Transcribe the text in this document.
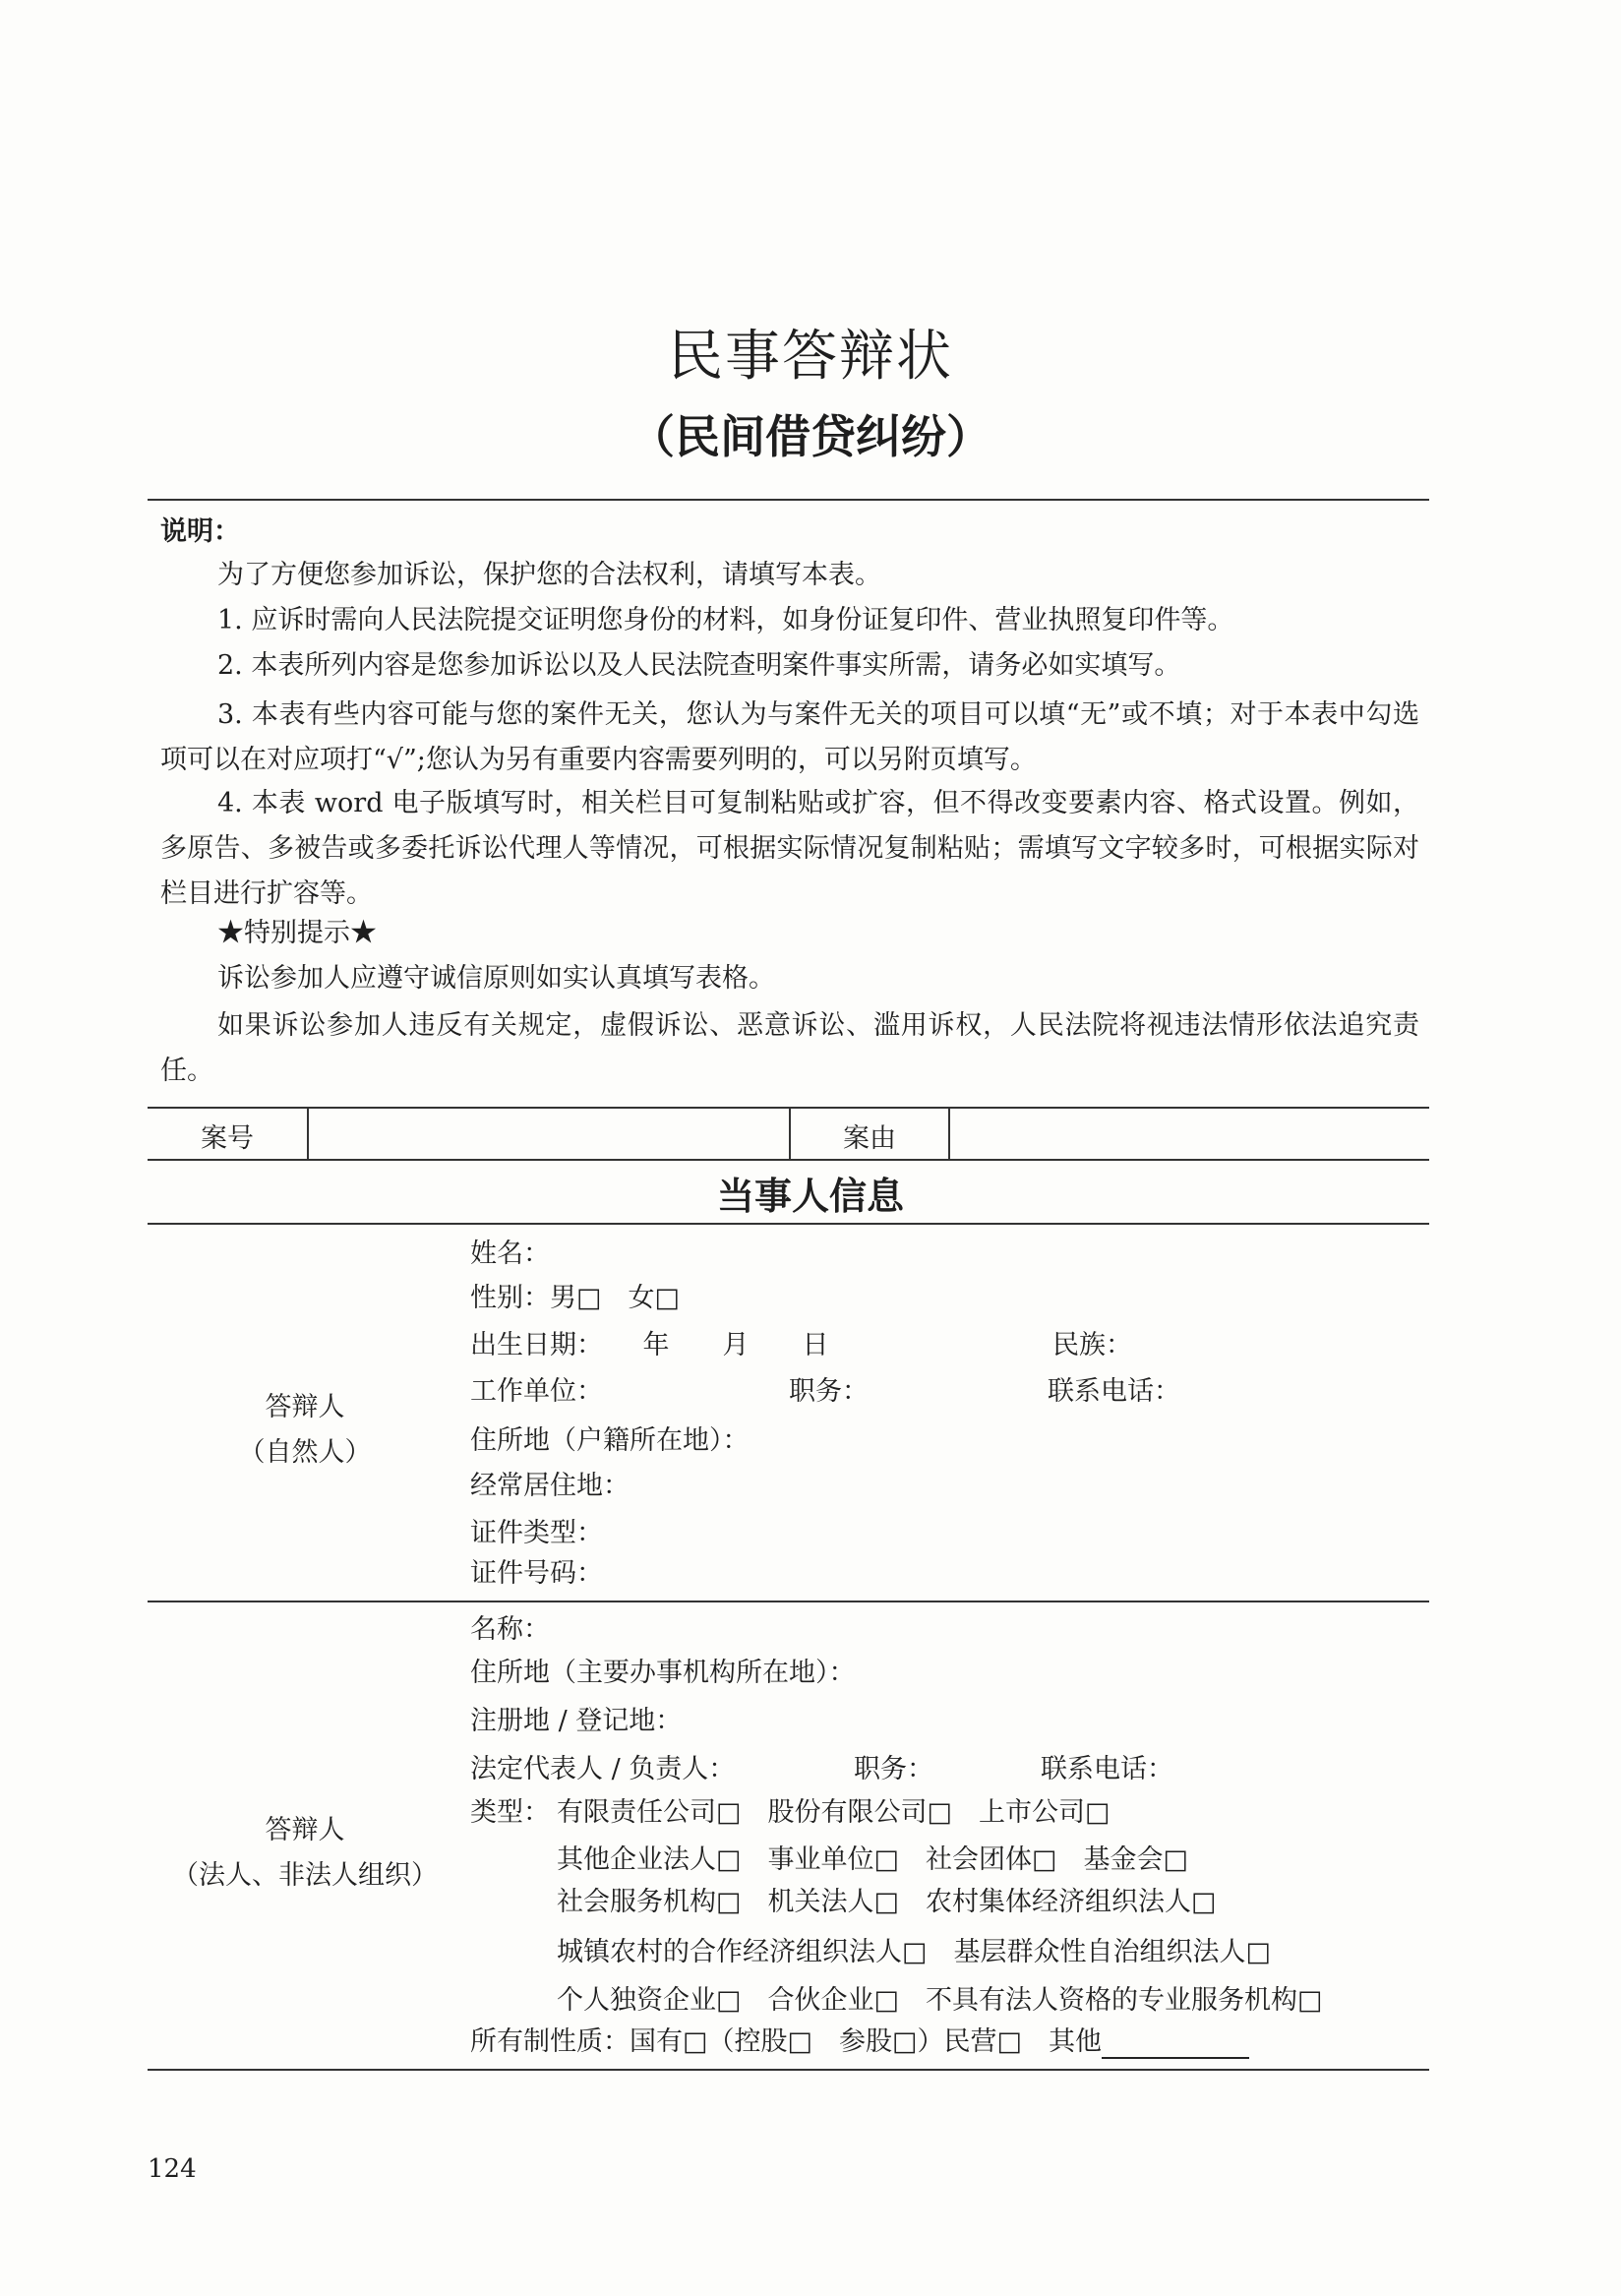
民事答辩状
（民间借贷纠纷）
说明：
为了方便您参加诉讼，保护您的合法权利，请填写本表。
1. 应诉时需向人民法院提交证明您身份的材料，如身份证复印件、营业执照复印件等。
2. 本表所列内容是您参加诉讼以及人民法院查明案件事实所需，请务必如实填写。
3. 本表有些内容可能与您的案件无关，您认为与案件无关的项目可以填“无”或不填；对于本表中勾选项可以在对应项打“√”;您认为另有重要内容需要列明的，可以另附页填写。
4. 本表 word 电子版填写时，相关栏目可复制粘贴或扩容，但不得改变要素内容、格式设置。例如，多原告、多被告或多委托诉讼代理人等情况，可根据实际情况复制粘贴；需填写文字较多时，可根据实际对栏目进行扩容等。
★特别提示★
诉讼参加人应遵守诚信原则如实认真填写表格。
如果诉讼参加人违反有关规定，虚假诉讼、恶意诉讼、滥用诉权，人民法院将视违法情形依法追究责任。
案号	案由
当事人信息
答辩人
（自然人）
姓名：
性别：男□　女□
出生日期：　　年　　月　　日	民族：
工作单位：	职务：	联系电话：
住所地（户籍所在地）：
经常居住地：
证件类型：
证件号码：
答辩人
（法人、非法人组织）
名称：
住所地（主要办事机构所在地）：
注册地 / 登记地：
法定代表人 / 负责人：	职务：	联系电话：
类型： 有限责任公司□　股份有限公司□　上市公司□
其他企业法人□　事业单位□　社会团体□　基金会□
社会服务机构□　机关法人□　农村集体经济组织法人□
城镇农村的合作经济组织法人□　基层群众性自治组织法人□
个人独资企业□　合伙企业□　不具有法人资格的专业服务机构□
所有制性质：国有□（控股□　参股□）民营□　其他
124
